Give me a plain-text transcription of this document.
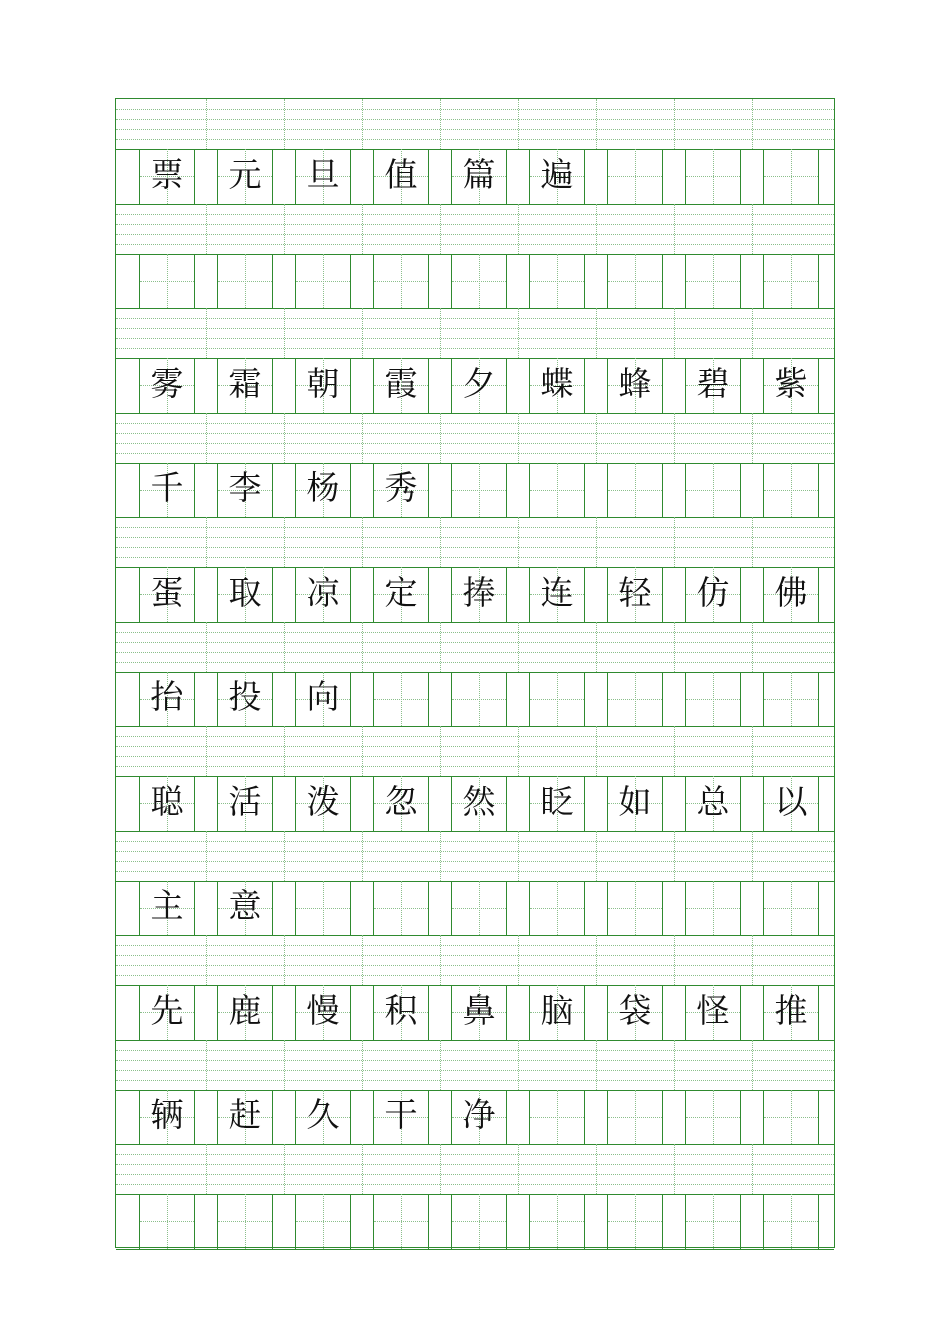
票 元 旦 值 篇 遍
雾 霜 朝 霞 夕 蝶 蜂 碧 紫
千 李 杨 秀
蛋 取 凉 定 捧 连 轻 仿 佛
抬 投 向
聪 活 泼 忽 然 眨 如 总 以
主 意
先 鹿 慢 积 鼻 脑 袋 怪 推
辆 赶 久 干 净
